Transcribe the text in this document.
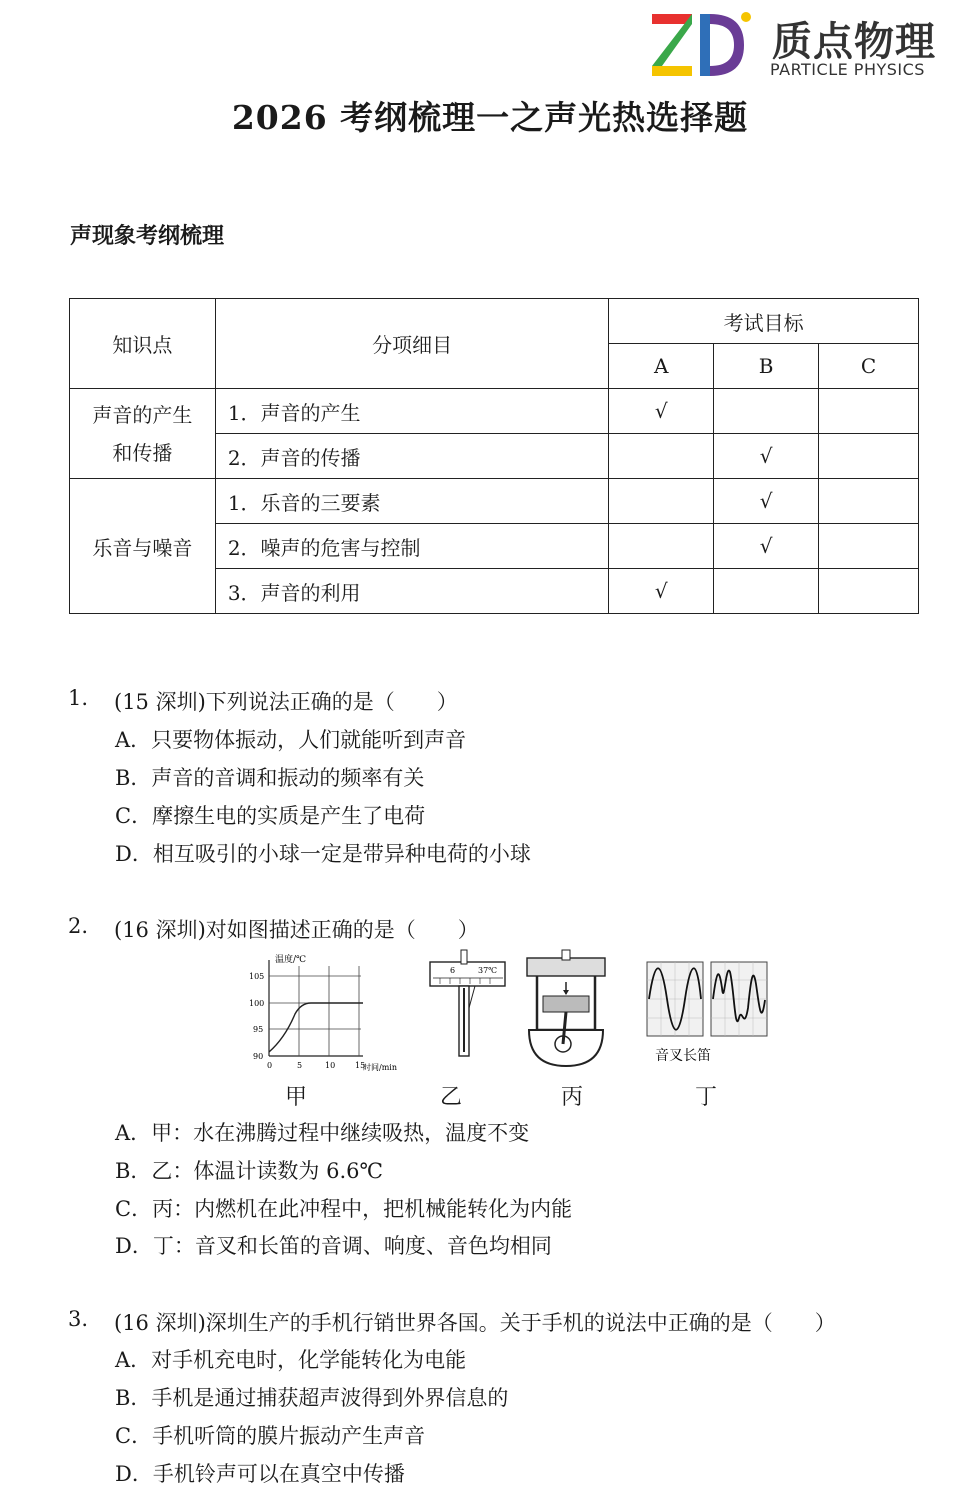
质点物理
PARTICLE PHYSICS
2026 考纲梳理一之声光热选择题
声现象考纲梳理
知识点	分项细目	考试目标		
		A	B	C

声音的产生
和传播	1．声音的产生	√		
	2．声音的传播		√	
乐音与噪音	1．乐音的三要素		√	
	2．噪声的危害与控制		√	
	3．声音的利用	√		
1. (15 深圳)下列说法正确的是（　　）
A．只要物体振动，人们就能听到声音
B．声音的音调和振动的频率有关
C．摩擦生电的实质是产生了电荷
D．相互吸引的小球一定是带异种电荷的小球
2. (16 深圳)对如图描述正确的是（　　）
温度/℃
105
100
95
90
0	5	10 15
时间/min
6	37℃
音叉长笛
甲	乙	丙	丁
A．甲：水在沸腾过程中继续吸热，温度不变
B．乙：体温计读数为 6.6℃
C．丙：内燃机在此冲程中，把机械能转化为内能
D．丁：音叉和长笛的音调、响度、音色均相同
3. (16 深圳)深圳生产的手机行销世界各国。关于手机的说法中正确的是（　　）
A．对手机充电时，化学能转化为电能
B．手机是通过捕获超声波得到外界信息的
C．手机听筒的膜片振动产生声音
D．手机铃声可以在真空中传播
